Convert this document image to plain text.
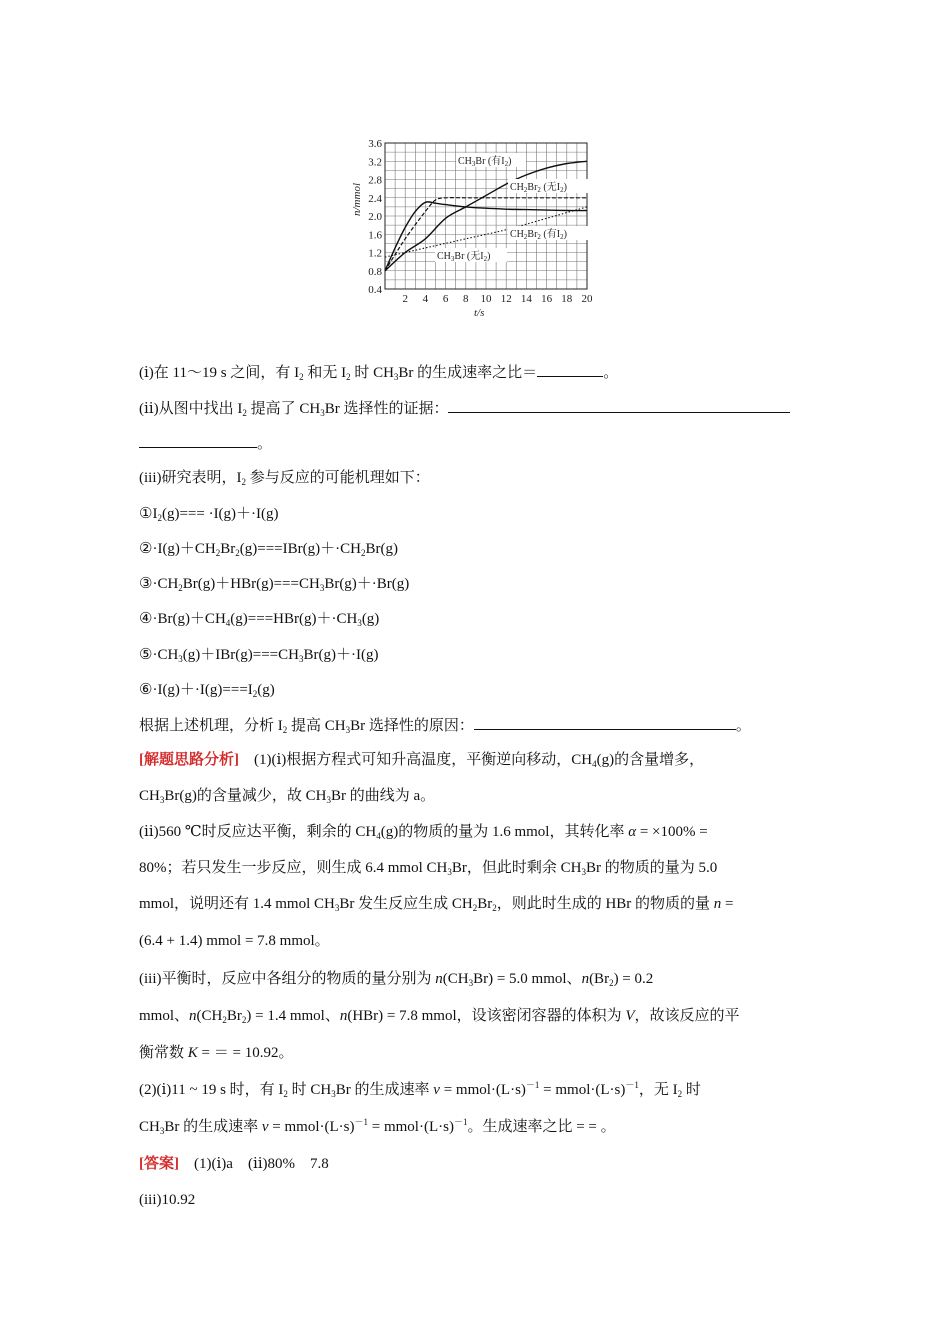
2 4 6 8 10 12 14 16 18 20
3.6
3.2
2.8
2.4
2.0
1.6
1.2
0.8
0.4
n/mmol
t/s
$CH_3Br$ (有$I_2$)
$CH_2Br_2$ (无$I_2$)
$CH_2Br_2$ (有$I_2$)
$CH_3Br$ (无$I_2$)
(ⅰ)在 11～19 s 之间，有 $I_2$ 和无 $I_2$ 时 $CH_3Br$ 的生成速率之比＝	。
(ⅱ)从图中找出 $I_2$ 提高了 $CH_3Br$ 选择性的证据：
。
(iii)研究表明，$I_2$ 参与反应的可能机理如下：
$①I_2(g)=== \cdot I(g)+\cdot I(g)$
$②\cdot I(g)+CH_2Br_2(g)===IBr(g)+\cdot CH_2Br(g)$
$③\cdot CH_2Br(g)+HBr(g)===CH_3Br(g)+\cdot Br(g)$
$④\cdot Br(g)+CH_4(g)===HBr(g)+\cdot CH_3(g)$
$⑤\cdot CH_3(g)+IBr(g)===CH_3Br(g)+\cdot I(g)$
$⑥\cdot I(g)+\cdot I(g)===I_2(g)$
根据上述机理，分析 $I_2$ 提高 $CH_3Br$ 选择性的原因：	。
[解题思路分析]　 (1)(ⅰ)根据方程式可知升高温度，平衡逆向移动，$CH_4(g)$的含量增多，
$CH_3Br(g)$的含量减少，故 $CH_3Br$ 的曲线为 a。
(ⅱ)560 ℃时反应达平衡，剩余的 $CH_4(g)$的物质的量为 1.6 mmol，其转化率 α = ×100% =
80%；若只发生一步反应，则生成 6.4 mmol $CH_3Br$，但此时剩余 $CH_3Br$ 的物质的量为 5.0
mmol，说明还有 1.4 mmol $CH_3Br$ 发生反应生成 $CH_2Br_2$，则此时生成的 HBr 的物质的量 n =
(6.4 + 1.4) mmol = 7.8 mmol。
(iii)平衡时，反应中各组分的物质的量分别为 $n(CH_3Br) = 5.0$ mmol、$n(Br_2) = 0.2$
mmol、$n(CH_2Br_2) = 1.4$ mmol、n(HBr) = 7.8 mmol，设该密闭容器的体积为 V，故该反应的平
衡常数 K = ＝ = 10.92。
(2)(ⅰ)11 ~ 19 s 时，有 $I_2$ 时 $CH_3Br$ 的生成速率 $v = mmol\cdot(L\cdot s)^{-1}$ = $mmol\cdot(L\cdot s)^{-1}$，无 $I_2$ 时
$CH_3Br$ 的生成速率 $v = mmol\cdot(L\cdot s)^{-1}$ = $mmol\cdot(L\cdot s)^{-1}$。生成速率之比 = = 。
[答案]　 (1)(ⅰ)a　(ⅱ)80%　7.8
(iii)10.92
